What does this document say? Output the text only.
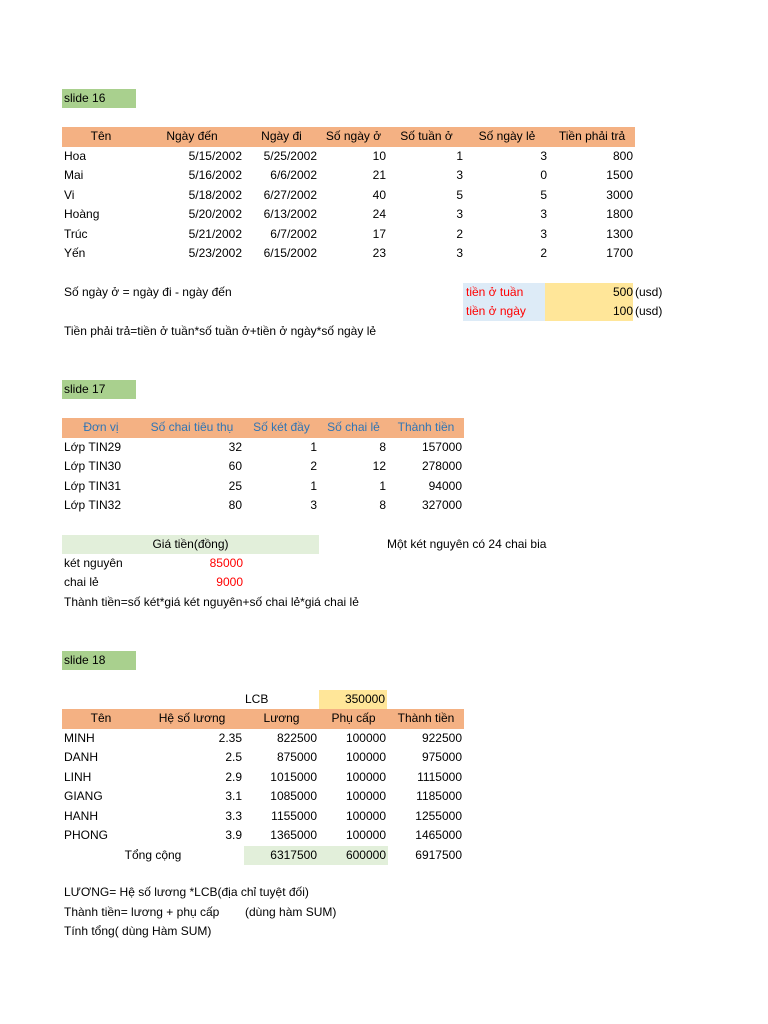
slide 16
Tên	Ngày đến	Ngày đi	Số ngày ở	Số tuần ở	Số ngày lẻ	Tiền phải trả
Hoa	5/15/2002	5/25/2002	10	1	3	800
Mai	5/16/2002	6/6/2002	21	3	0	1500
Vi	5/18/2002	6/27/2002	40	5	5	3000
Hoàng	5/20/2002	6/13/2002	24	3	3	1800
Trúc	5/21/2002	6/7/2002	17	2	3	1300
Yến	5/23/2002	6/15/2002	23	3	2	1700
Số ngày ở = ngày đi - ngày đến	tiền ở tuần	500 (usd)
tiền ở ngày	100 (usd)
Tiền phải trả=tiền ở tuần*số tuần ở+tiền ở ngày*số ngày lẻ
slide 17
Đơn vị	Số chai tiêu thụ	Số két đầy	Số chai lẻ	Thành tiền
Lớp TIN29	32	1	8	157000
Lớp TIN30	60	2	12	278000
Lớp TIN31	25	1	1	94000
Lớp TIN32	80	3	8	327000
Giá tiền(đồng)	Một két nguyên có 24 chai bia
két nguyên	85000
chai lẻ	9000
Thành tiền=số két*giá két nguyên+số chai lẻ*giá chai lẻ
slide 18
LCB	350000
Tên	Hệ số lương	Lương	Phụ cấp	Thành tiền
MINH	2.35	822500	100000	922500
DANH	2.5	875000	100000	975000
LINH	2.9	1015000	100000	1115000
GIANG	3.1	1085000	100000	1185000
HANH	3.3	1155000	100000	1255000
PHONG	3.9	1365000	100000	1465000
Tổng cộng		6317500	600000	6917500
LƯƠNG= Hệ số lương *LCB(địa chỉ tuyệt đối)
Thành tiền= lương + phụ cấp (dùng hàm SUM)
Tính tổng( dùng Hàm SUM)
